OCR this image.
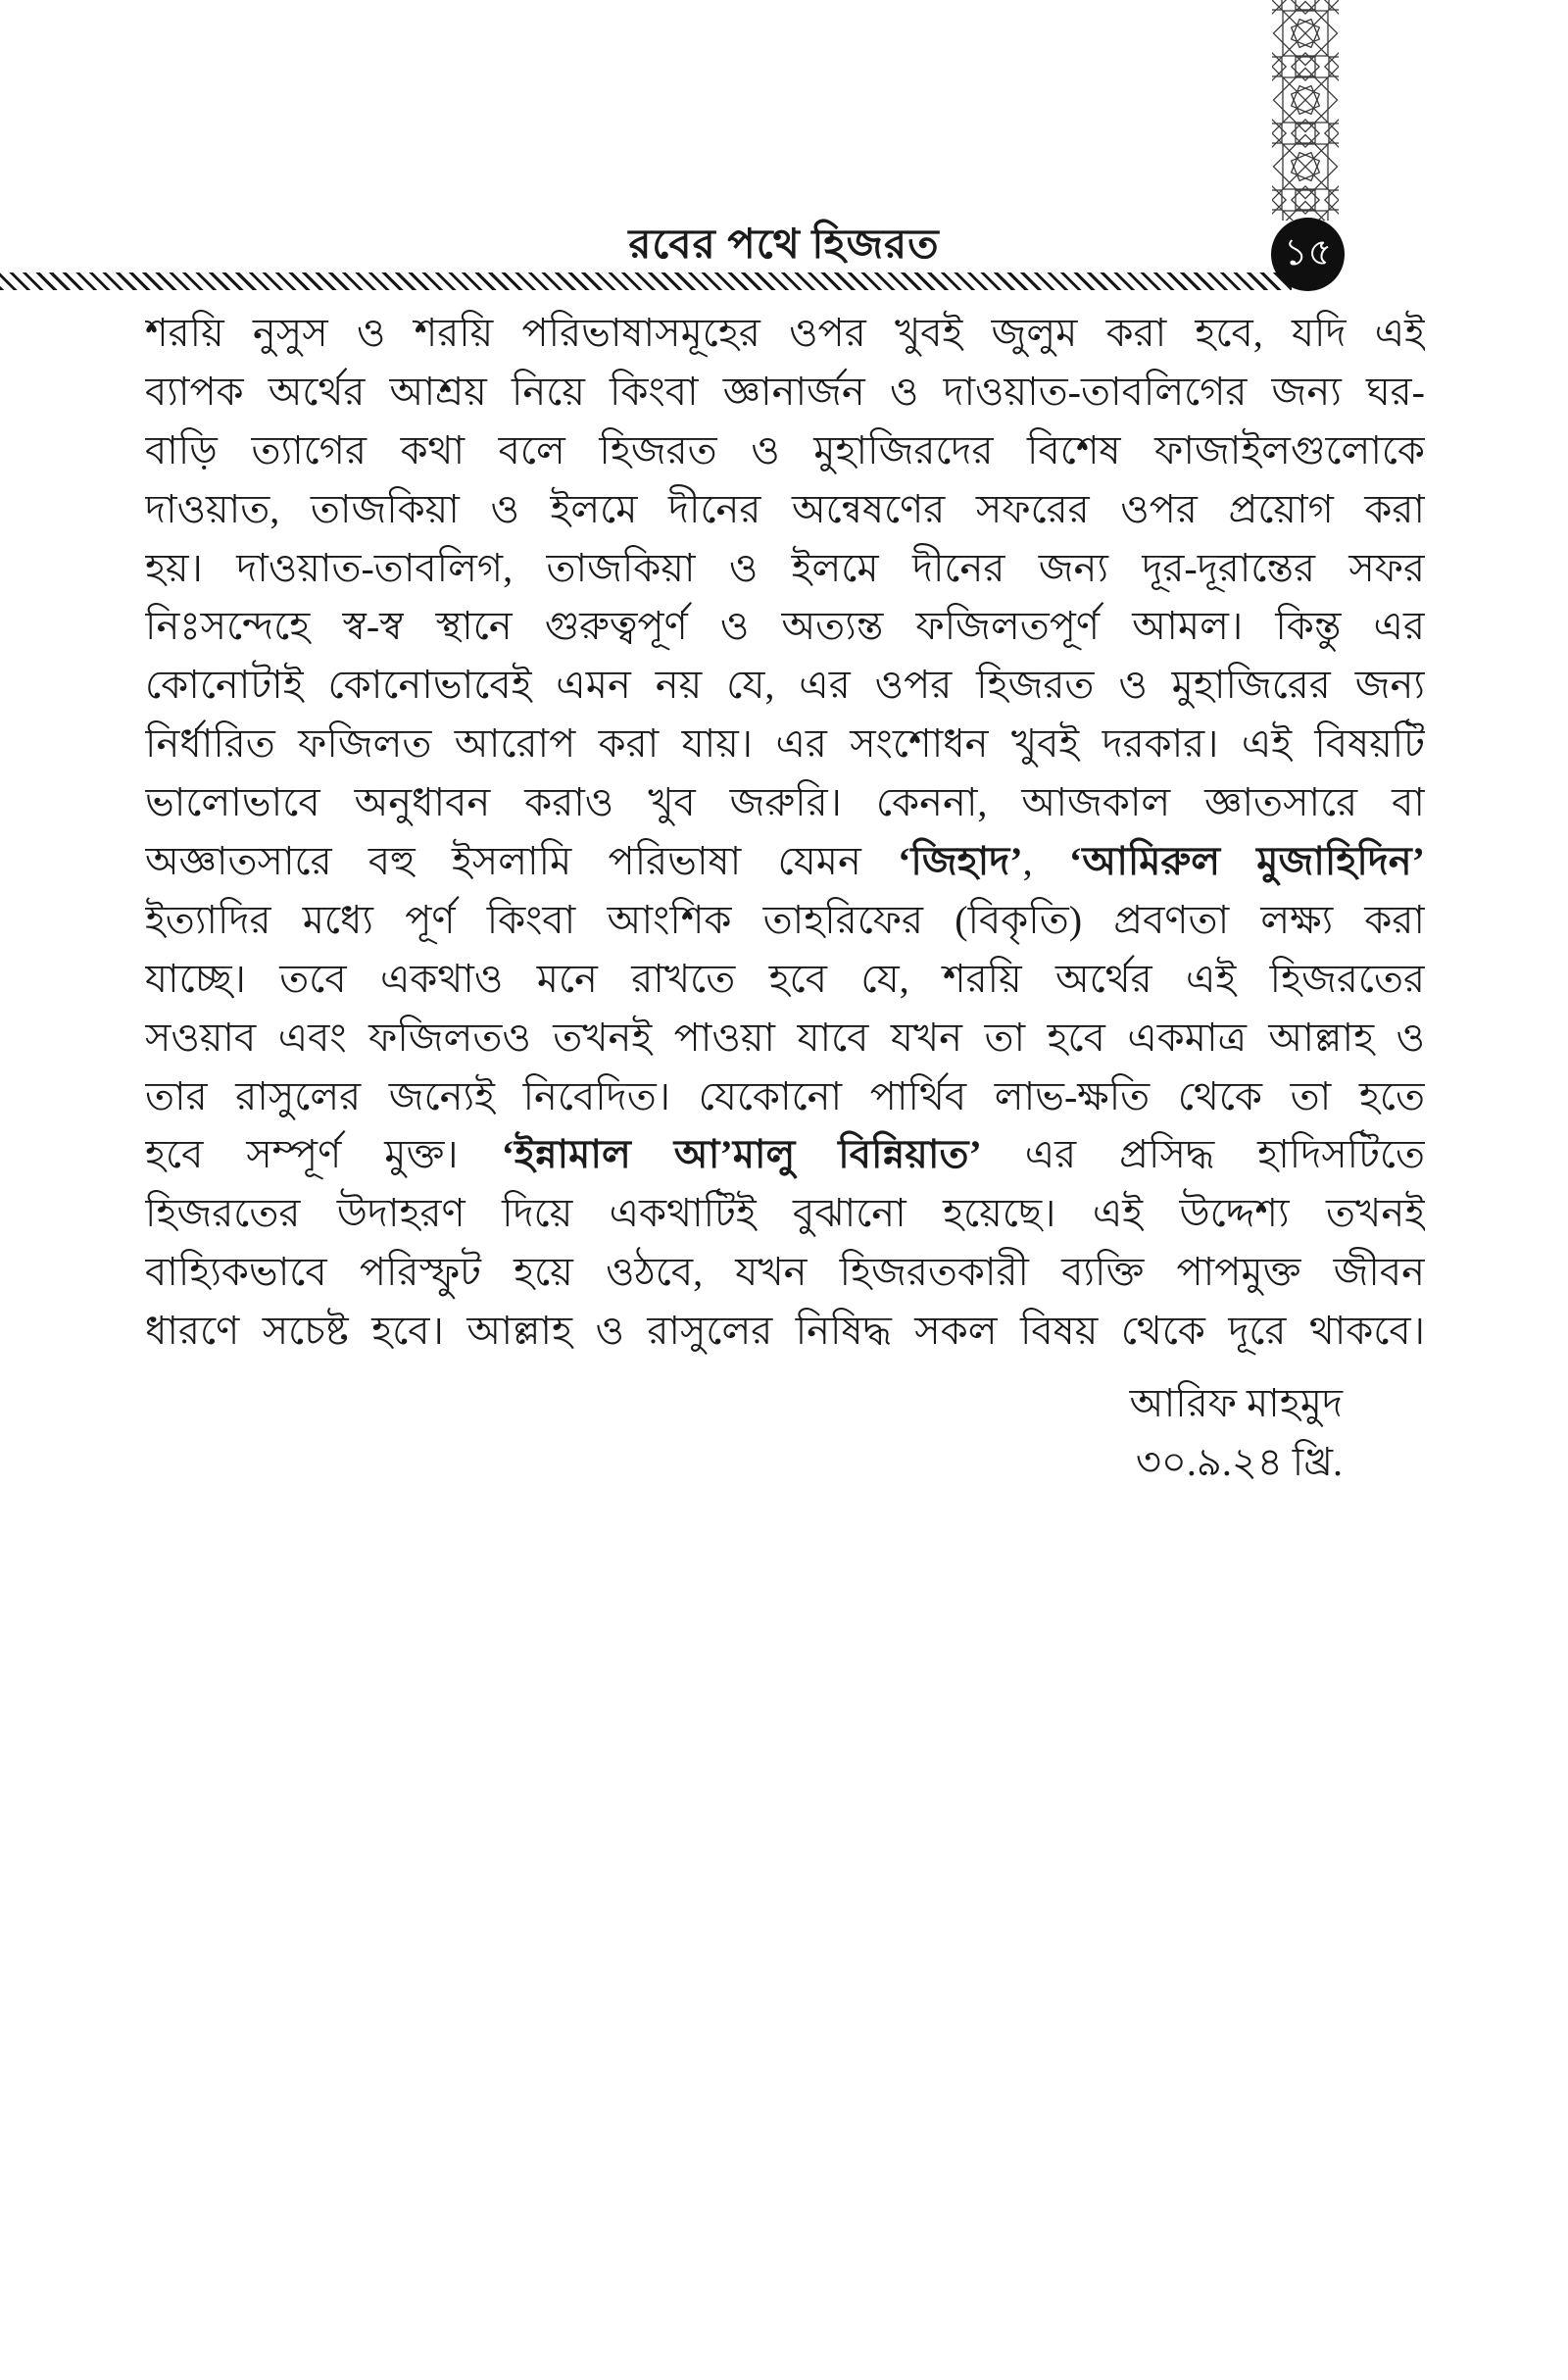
রবের পথে হিজরত	১৫
শরয়ি নুসুস ও শরয়ি পরিভাষাসমূহের ওপর খুবই জুলুম করা হবে, যদি এই
ব্যাপক অর্থের আশ্রয় নিয়ে কিংবা জ্ঞানার্জন ও দাওয়াত-তাবলিগের জন্য ঘর-
বাড়ি ত্যাগের কথা বলে হিজরত ও মুহাজিরদের বিশেষ ফাজাইলগুলোকে
দাওয়াত, তাজকিয়া ও ইলমে দীনের অন্বেষণের সফরের ওপর প্রয়োগ করা
হয়। দাওয়াত-তাবলিগ, তাজকিয়া ও ইলমে দীনের জন্য দূর-দূরান্তের সফর
নিঃসন্দেহে স্ব-স্ব স্থানে গুরুত্বপূর্ণ ও অত্যন্ত ফজিলতপূর্ণ আমল। কিন্তু এর
কোনোটাই কোনোভাবেই এমন নয় যে, এর ওপর হিজরত ও মুহাজিরের জন্য
নির্ধারিত ফজিলত আরোপ করা যায়। এর সংশোধন খুবই দরকার। এই বিষয়টি
ভালোভাবে অনুধাবন করাও খুব জরুরি। কেননা, আজকাল জ্ঞাতসারে বা
অজ্ঞাতসারে বহু ইসলামি পরিভাষা যেমন ‘জিহাদ’, ‘আমিরুল মুজাহিদিন’
ইত্যাদির মধ্যে পূর্ণ কিংবা আংশিক তাহরিফের (বিকৃতি) প্রবণতা লক্ষ্য করা
যাচ্ছে। তবে একথাও মনে রাখতে হবে যে, শরয়ি অর্থের এই হিজরতের
সওয়াব এবং ফজিলতও তখনই পাওয়া যাবে যখন তা হবে একমাত্র আল্লাহ ও
তার রাসুলের জন্যেই নিবেদিত। যেকোনো পার্থিব লাভ-ক্ষতি থেকে তা হতে
হবে সম্পূর্ণ মুক্ত। ‘ইন্নামাল আ’মালু বিন্নিয়াত’ এর প্রসিদ্ধ হাদিসটিতে
হিজরতের উদাহরণ দিয়ে একথাটিই বুঝানো হয়েছে। এই উদ্দেশ্য তখনই
বাহ্যিকভাবে পরিস্ফুট হয়ে ওঠবে, যখন হিজরতকারী ব্যক্তি পাপমুক্ত জীবন
ধারণে সচেষ্ট হবে। আল্লাহ ও রাসুলের নিষিদ্ধ সকল বিষয় থেকে দূরে থাকবে।
আরিফ মাহমুদ
৩০.৯.২৪ খ্রি.
